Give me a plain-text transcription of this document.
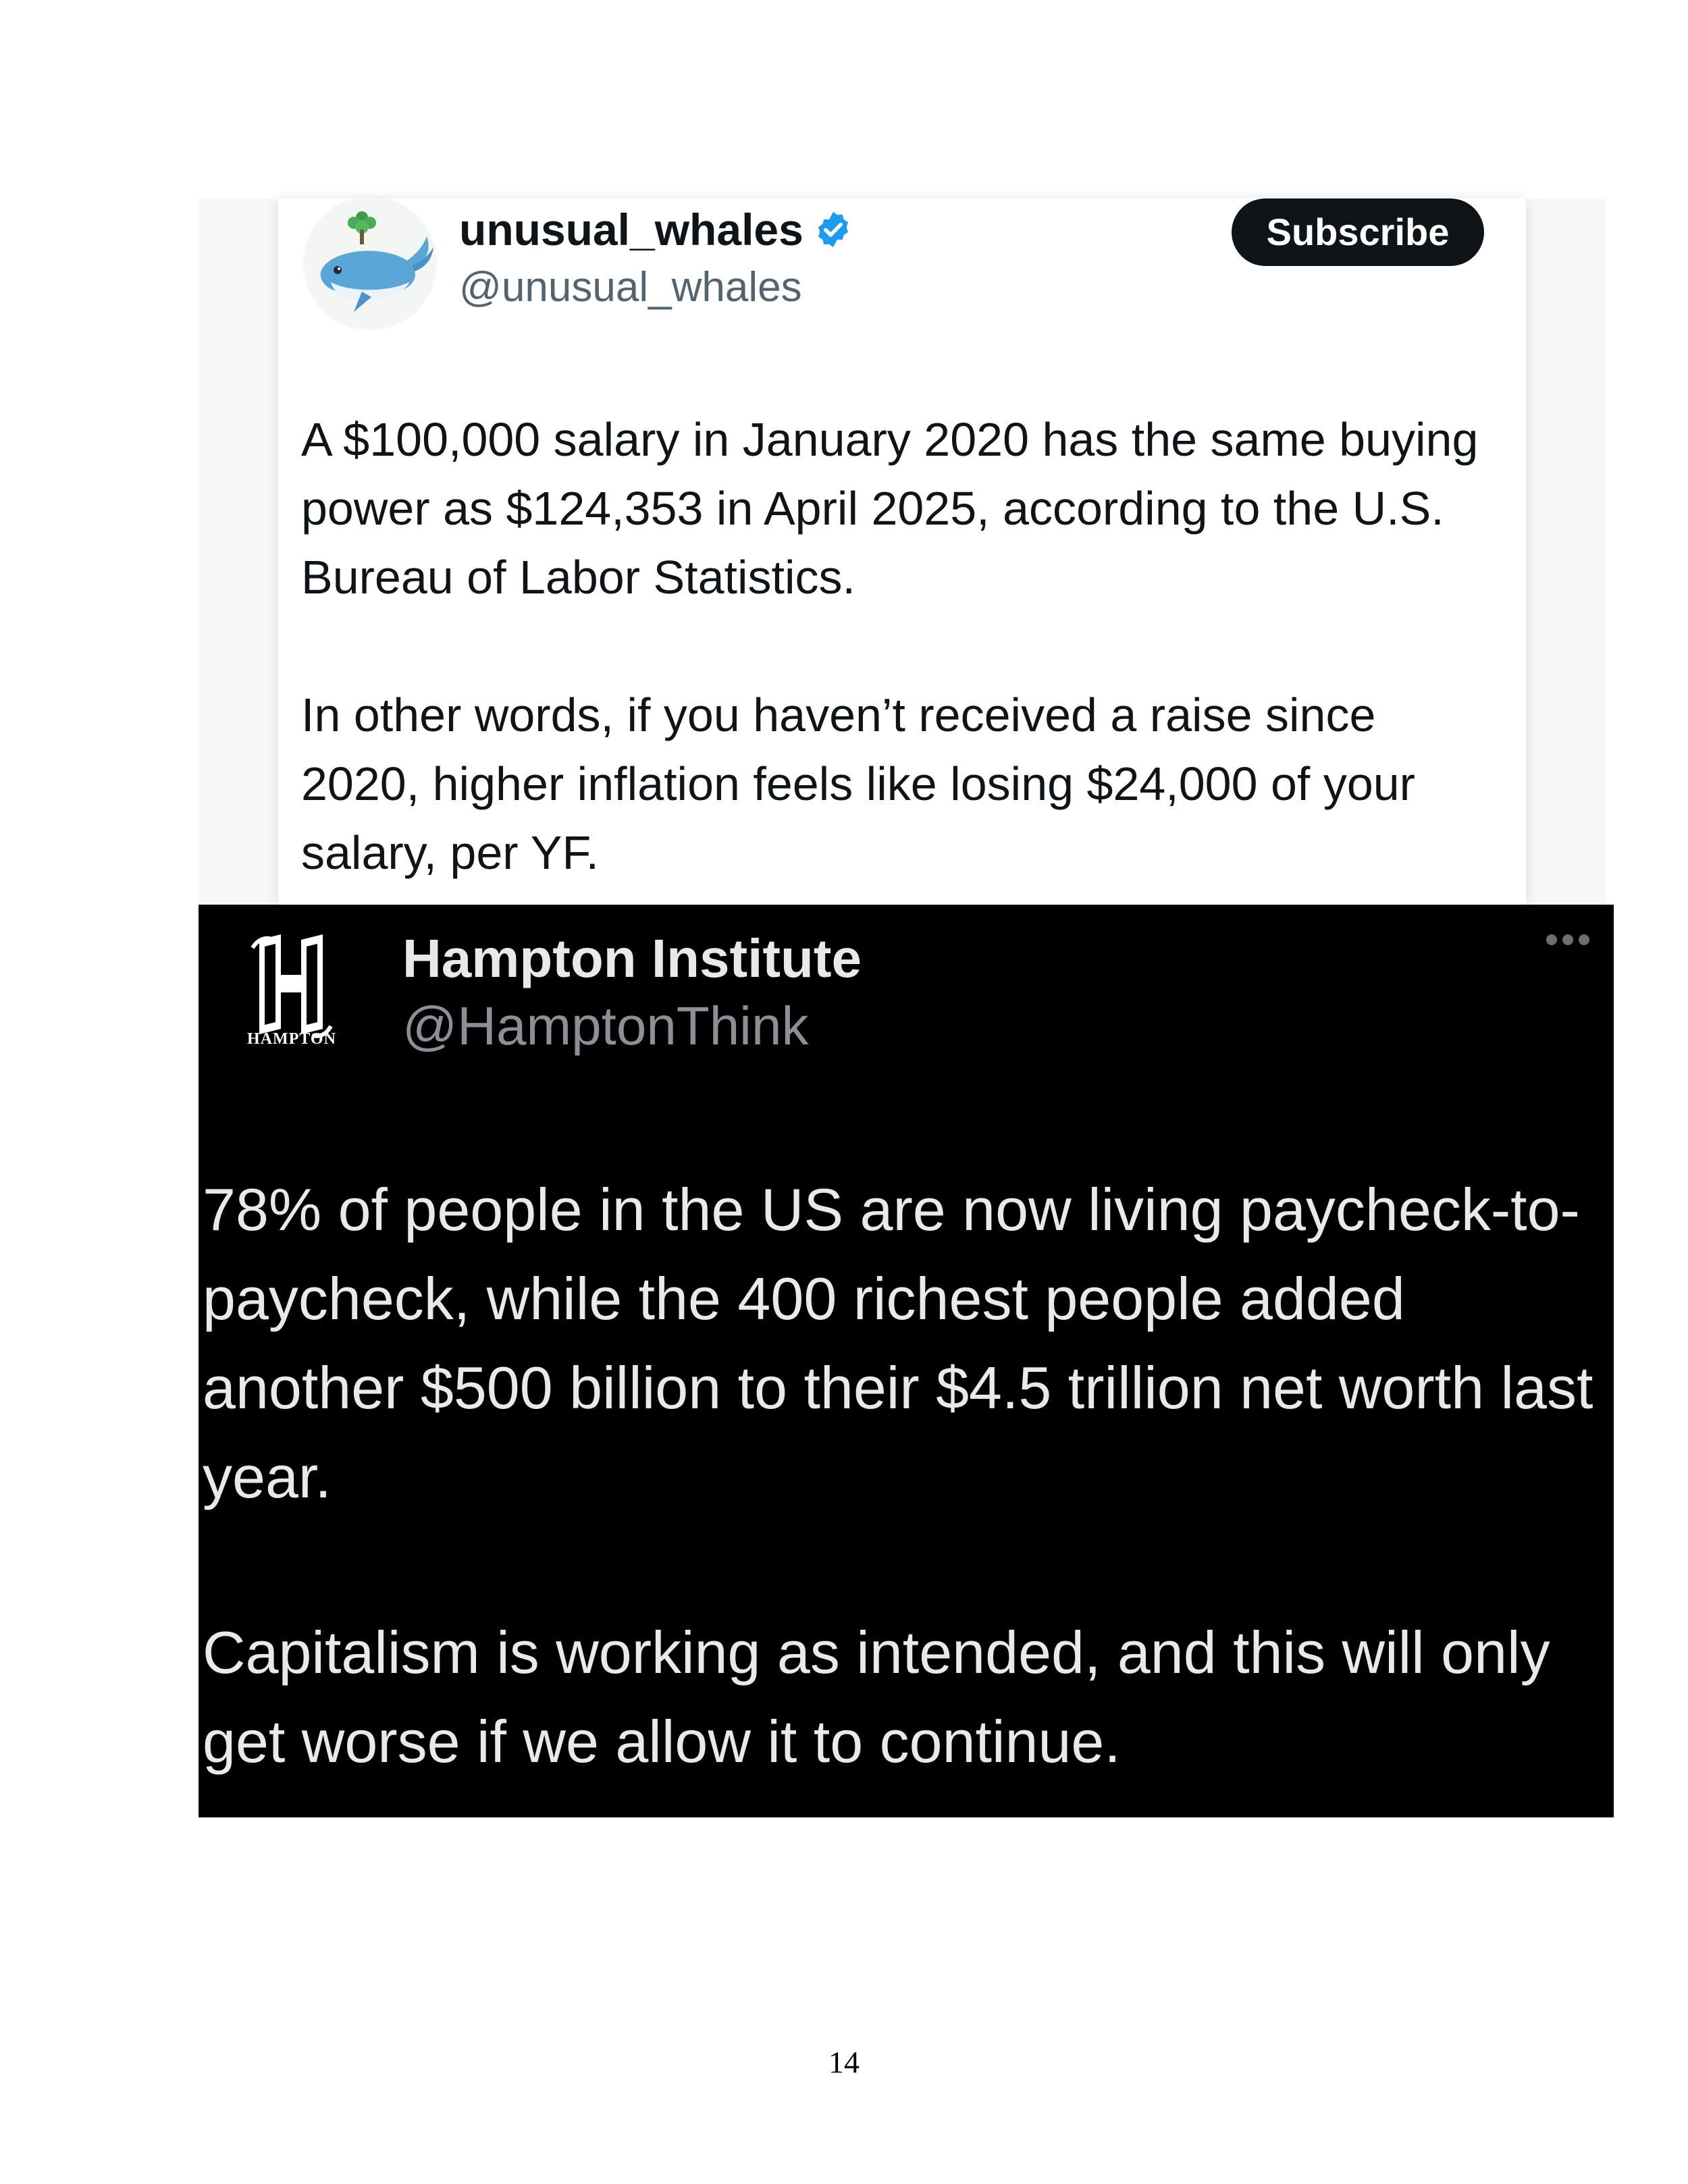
unusual_whales
@unusual_whales
Subscribe

A $100,000 salary in January 2020 has the same buying power as $124,353 in April 2025, according to the U.S. Bureau of Labor Statistics.

In other words, if you haven’t received a raise since 2020, higher inflation feels like losing $24,000 of your salary, per YF.

HAMPTON
Hampton Institute
@HamptonThink

78% of people in the US are now living paycheck-to-paycheck, while the 400 richest people added another $500 billion to their $4.5 trillion net worth last year.

Capitalism is working as intended, and this will only get worse if we allow it to continue.

14
